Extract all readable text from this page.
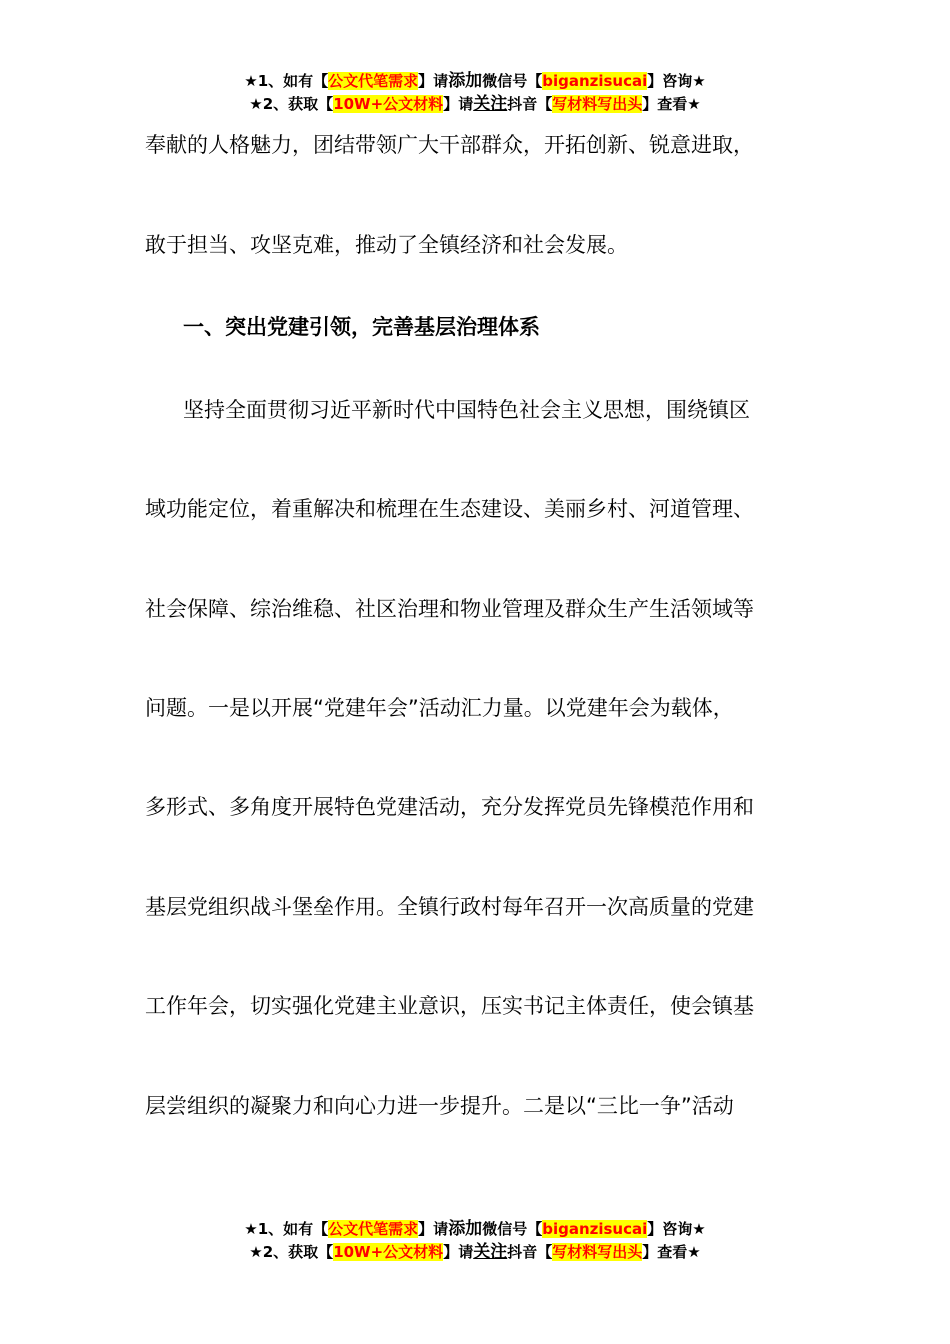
★1、如有【公文代笔需求】请添加微信号【biganzisucai】咨询★
★2、获取【10W+公文材料】请关注抖音【写材料写出头】查看★
奉献的人格魅力，团结带领广大干部群众，开拓创新、锐意进取，
敢于担当、攻坚克难，推动了全镇经济和社会发展。
一、突出党建引领，完善基层治理体系
坚持全面贯彻习近平新时代中国特色社会主义思想，围绕镇区
域功能定位，着重解决和梳理在生态建设、美丽乡村、河道管理、
社会保障、综治维稳、社区治理和物业管理及群众生产生活领域等
问题。一是以开展“党建年会”活动汇力量。以党建年会为载体，
多形式、多角度开展特色党建活动，充分发挥党员先锋模范作用和
基层党组织战斗堡垒作用。全镇行政村每年召开一次高质量的党建
工作年会，切实强化党建主业意识，压实书记主体责任，使会镇基
层尝组织的凝聚力和向心力进一步提升。二是以“三比一争”活动
★1、如有【公文代笔需求】请添加微信号【biganzisucai】咨询★
★2、获取【10W+公文材料】请关注抖音【写材料写出头】查看★
